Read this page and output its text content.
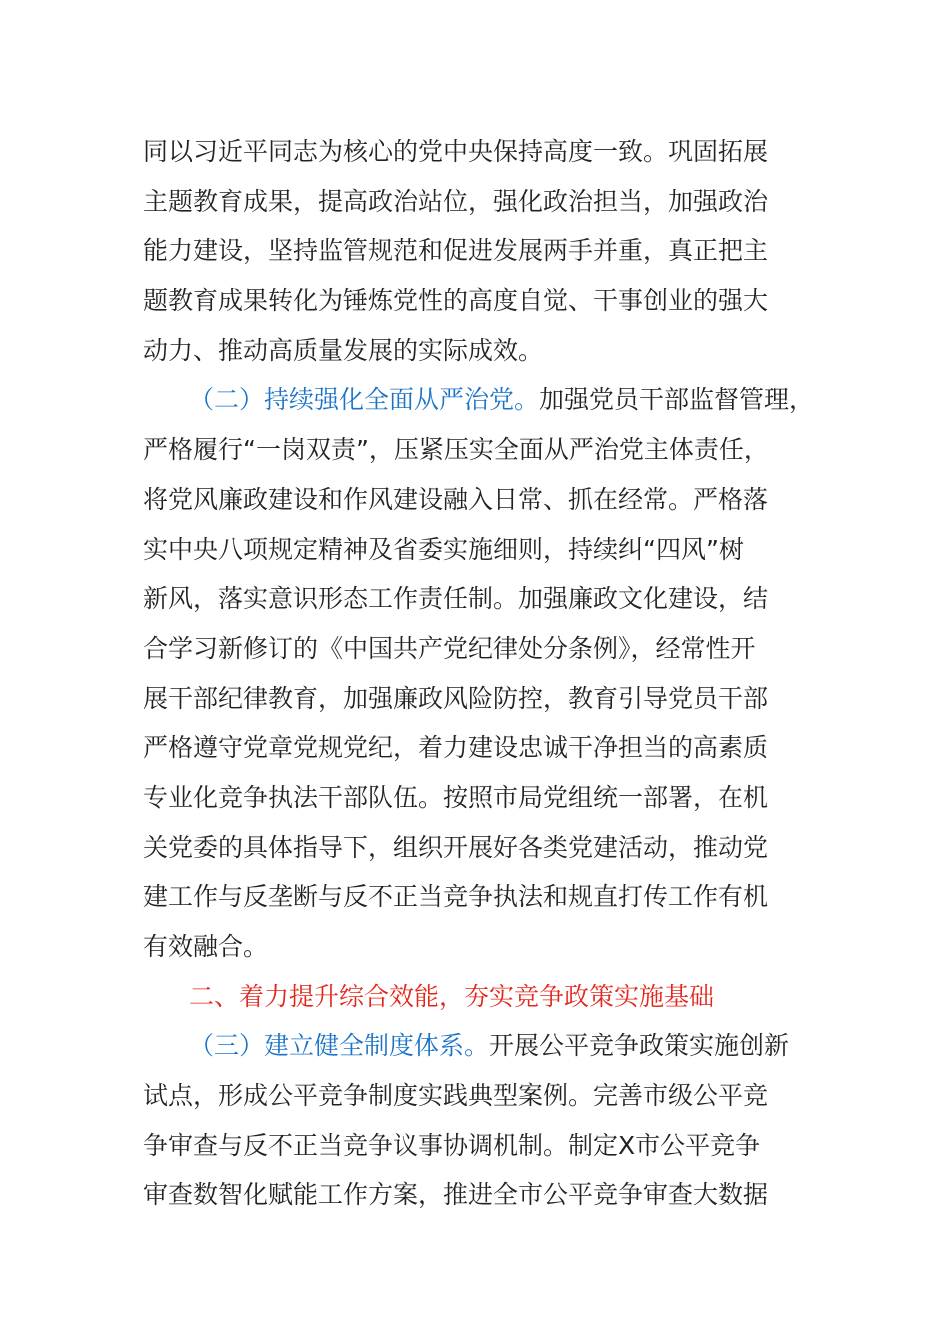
同以习近平同志为核心的党中央保持高度一致。巩固拓展
主题教育成果，提高政治站位，强化政治担当，加强政治
能力建设，坚持监管规范和促进发展两手并重，真正把主
题教育成果转化为锤炼党性的高度自觉、干事创业的强大
动力、推动高质量发展的实际成效。
（二）持续强化全面从严治党。加强党员干部监督管理，
严格履行“一岗双责”，压紧压实全面从严治党主体责任，
将党风廉政建设和作风建设融入日常、抓在经常。严格落
实中央八项规定精神及省委实施细则，持续纠“四风”树
新风，落实意识形态工作责任制。加强廉政文化建设，结
合学习新修订的《中国共产党纪律处分条例》，经常性开
展干部纪律教育，加强廉政风险防控，教育引导党员干部
严格遵守党章党规党纪，着力建设忠诚干净担当的高素质
专业化竞争执法干部队伍。按照市局党组统一部署，在机
关党委的具体指导下，组织开展好各类党建活动，推动党
建工作与反垄断与反不正当竞争执法和规直打传工作有机
有效融合。
二、着力提升综合效能，夯实竞争政策实施基础
（三）建立健全制度体系。开展公平竞争政策实施创新
试点，形成公平竞争制度实践典型案例。完善市级公平竞
争审查与反不正当竞争议事协调机制。制定X市公平竞争
审查数智化赋能工作方案，推进全市公平竞争审查大数据
